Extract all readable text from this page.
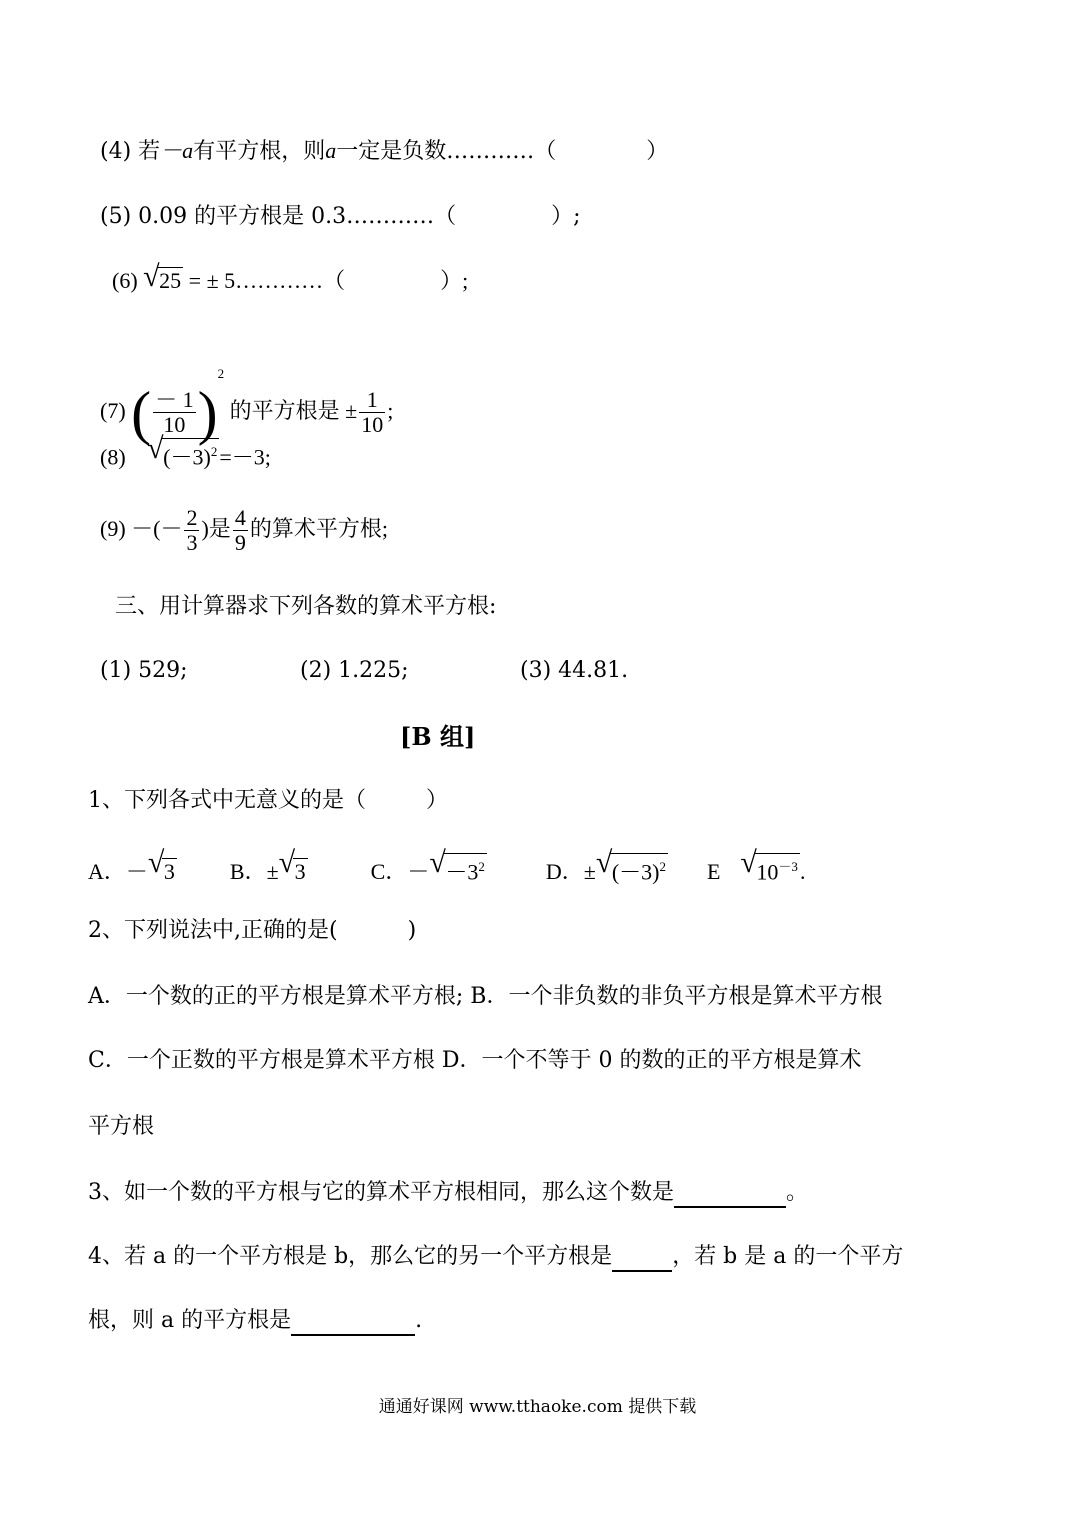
(4) 若－a有平方根，则a一定是负数…………（	）
(5) 0.09 的平方根是 0.3…………（	）;
(6) √ 25 = ± 5…………（	）;
(7) ( $\frac{- 1}{10} )^2$ 的平方根是 ± $\frac{1}{10}$ ;
(8) √ $(-3)^2=-3$;
(9) －(－ $\frac{2}{3}$ )是 $\frac{4}{9}$ 的算术平方根;
三、用计算器求下列各数的算术平方根:
(1) 529;	(2) 1.225;	(3) 44.81.
[B 组]
1、下列各式中无意义的是（	）
A．－ √ 3	B．± √ 3	C．－ √ $-3^2$	D．± √ $(-3)^2$ E √ $10^{-3}$.
2、下列说法中,正确的是(	)
A．一个数的正的平方根是算术平方根; B．一个非负数的非负平方根是算术平方根
C．一个正数的平方根是算术平方根 D．一个不等于 0 的数的正的平方根是算术
平方根
3、如一个数的平方根与它的算术平方根相同，那么这个数是	。
4、若 a 的一个平方根是 b，那么它的另一个平方根是	，若 b 是 a 的一个平方
根，则 a 的平方根是	.
通通好课网 www.tthaoke.com 提供下载
